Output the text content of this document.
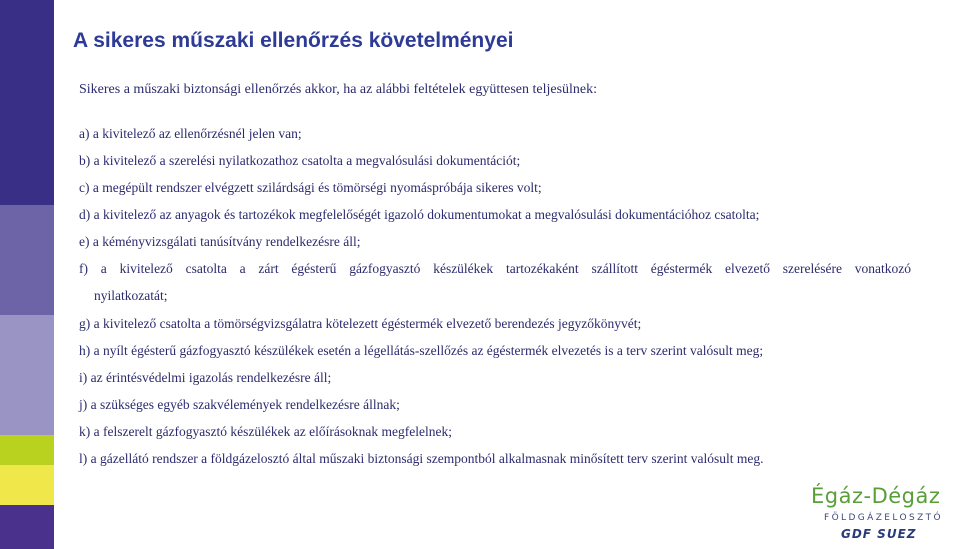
A sikeres műszaki ellenőrzés követelményei
Sikeres a műszaki biztonsági ellenőrzés akkor, ha az alábbi feltételek együttesen teljesülnek:
a) a kivitelező az ellenőrzésnél jelen van;
b) a kivitelező a szerelési nyilatkozathoz csatolta a megvalósulási dokumentációt;
c) a megépült rendszer elvégzett szilárdsági és tömörségi nyomáspróbája sikeres volt;
d) a kivitelező az anyagok és tartozékok megfelelőségét igazoló dokumentumokat a megvalósulási dokumentációhoz csatolta;
e) a kéményvizsgálati tanúsítvány rendelkezésre áll;
f) a kivitelező csatolta a zárt égésterű gázfogyasztó készülékek tartozékaként szállított égéstermék elvezető szerelésére vonatkozó
nyilatkozatát;
g) a kivitelező csatolta a tömörségvizsgálatra kötelezett égéstermék elvezető berendezés jegyzőkönyvét;
h) a nyílt égésterű gázfogyasztó készülékek esetén a légellátás-szellőzés az égéstermék elvezetés is a terv szerint valósult meg;
i) az érintésvédelmi igazolás rendelkezésre áll;
j) a szükséges egyéb szakvélemények rendelkezésre állnak;
k) a felszerelt gázfogyasztó készülékek az előírásoknak megfelelnek;
l) a gázellátó rendszer a földgázelosztó által műszaki biztonsági szempontból alkalmasnak minősített terv szerint valósult meg.
Égáz-Dégáz
FÖLDGÁZELOSZTÓ
GDF SUEZ
